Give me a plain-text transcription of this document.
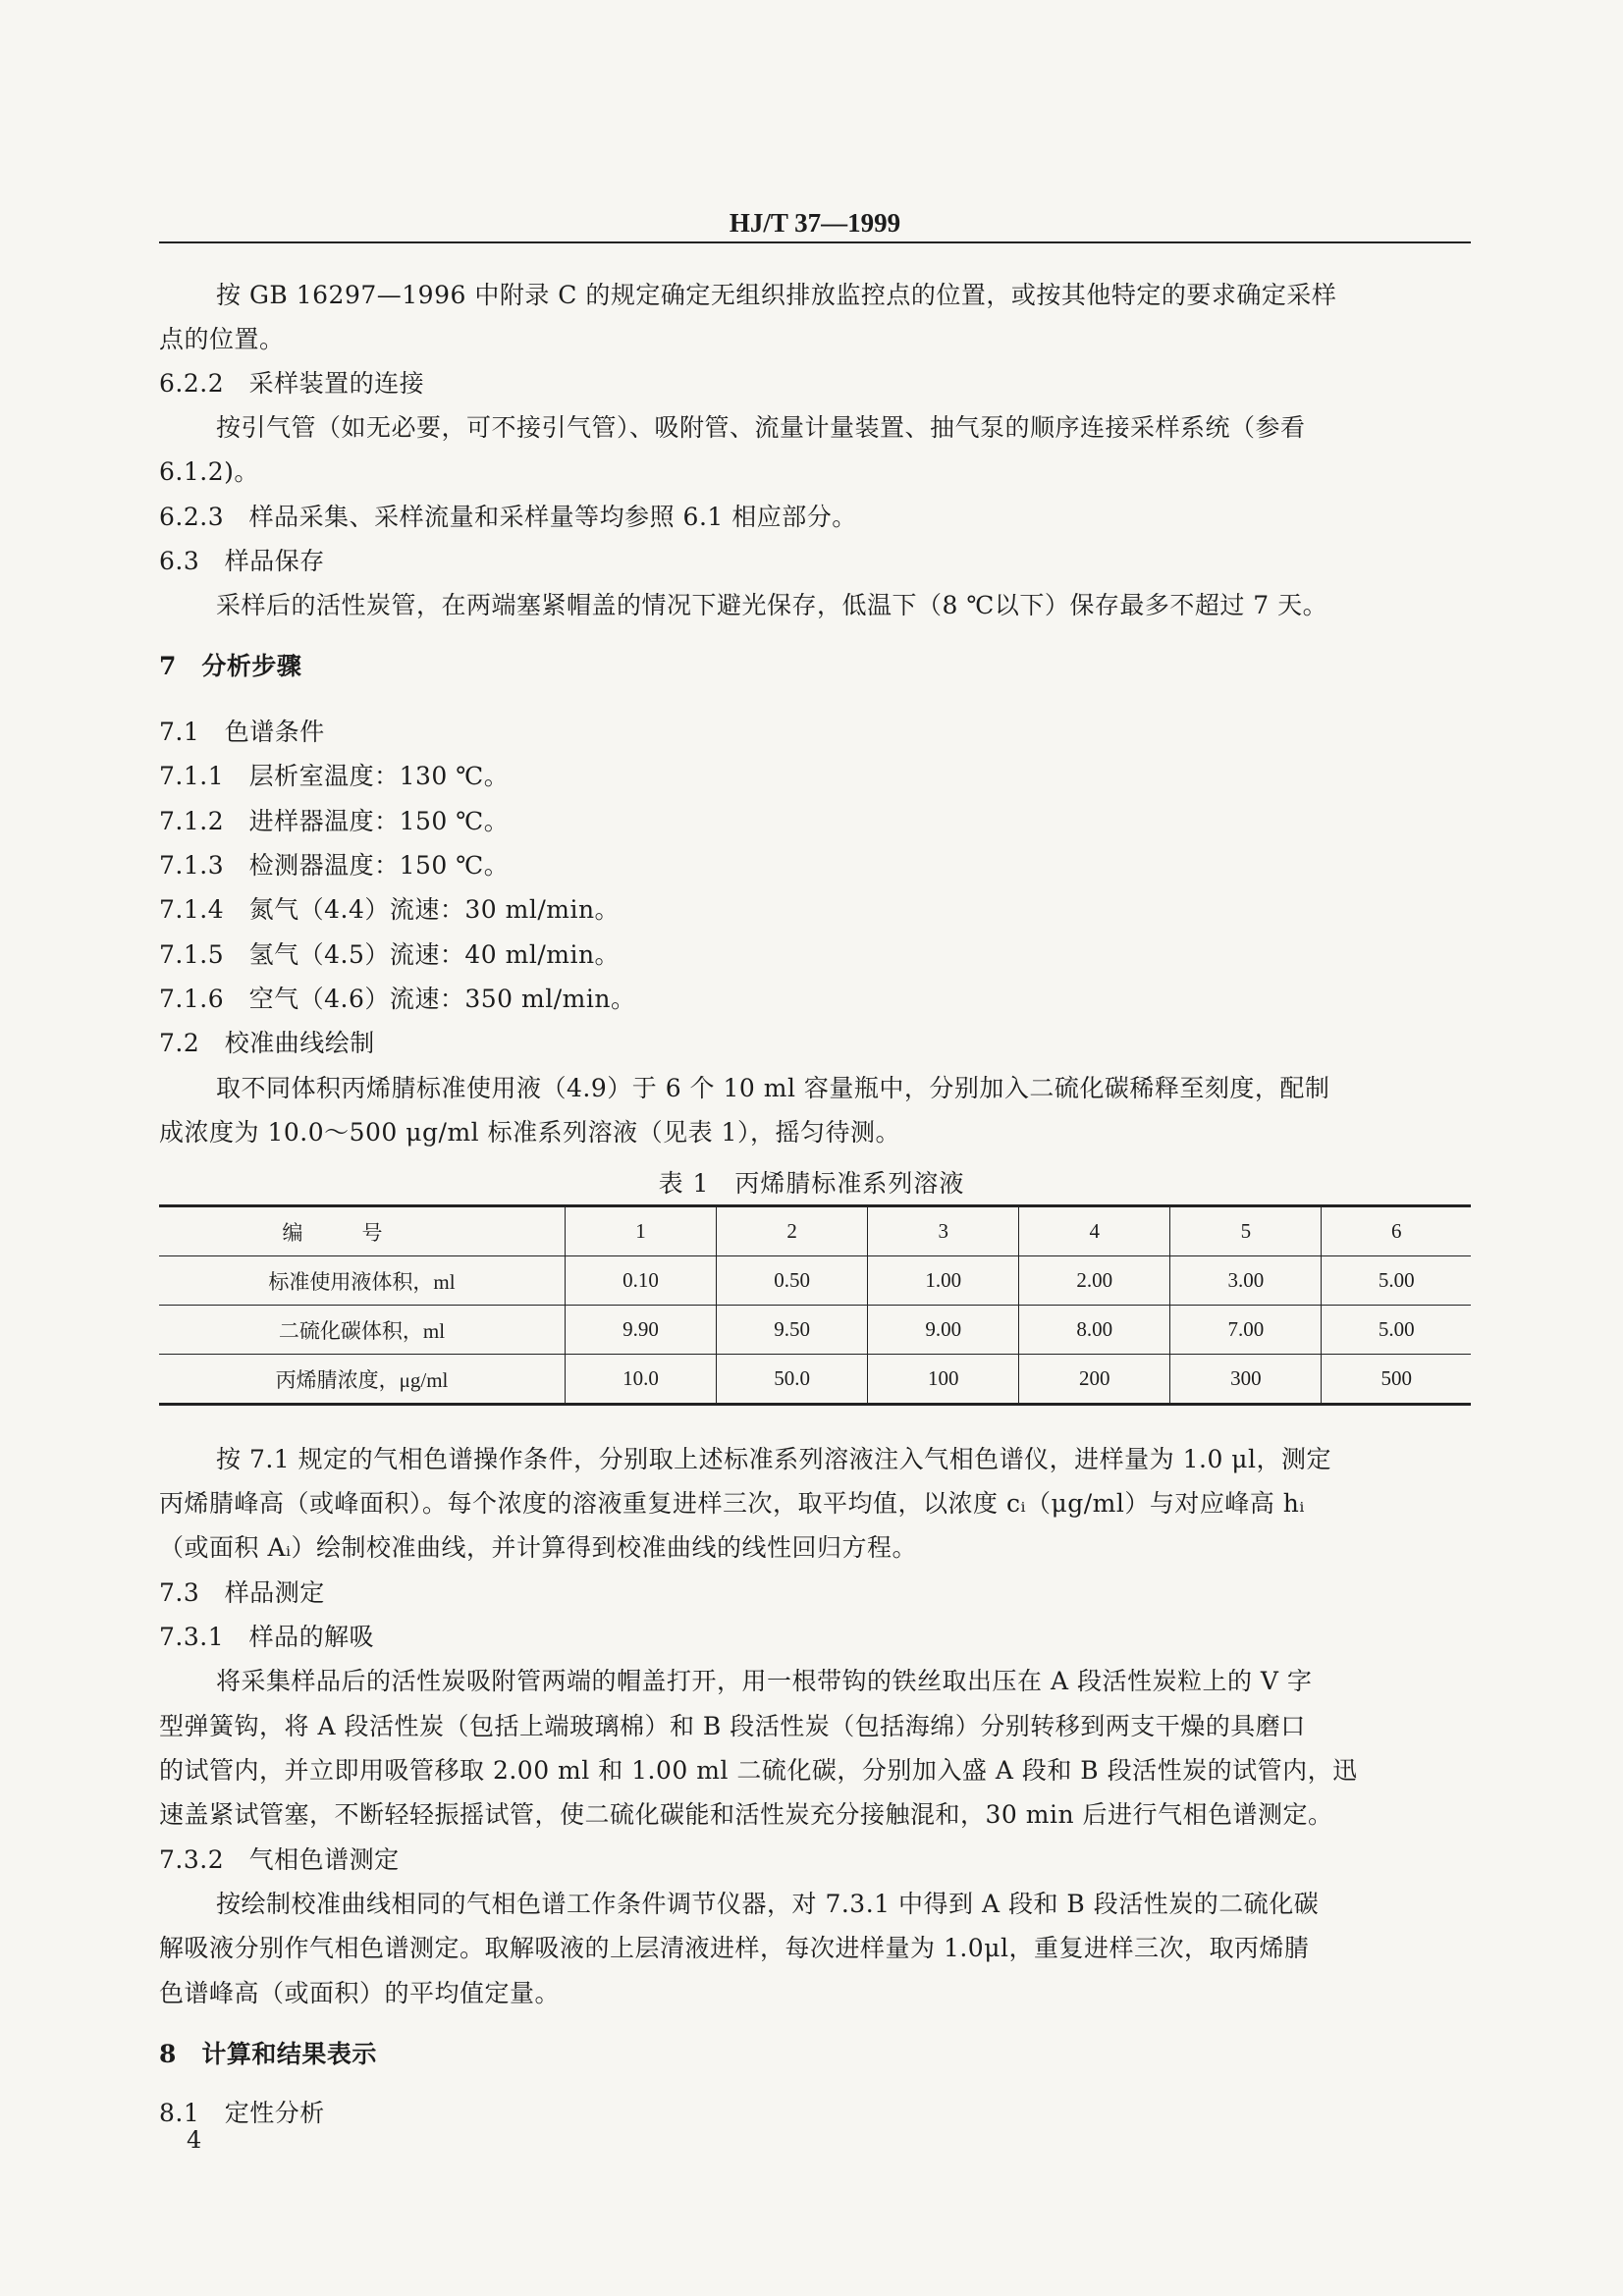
HJ/T 37—1999
按 GB 16297—1996 中附录 C 的规定确定无组织排放监控点的位置，或按其他特定的要求确定采样
点的位置。
6.2.2　采样装置的连接
按引气管（如无必要，可不接引气管）、吸附管、流量计量装置、抽气泵的顺序连接采样系统（参看
6.1.2)。
6.2.3　样品采集、采样流量和采样量等均参照 6.1 相应部分。
6.3　样品保存
采样后的活性炭管，在两端塞紧帽盖的情况下避光保存，低温下（8 ℃以下）保存最多不超过 7 天。
7　分析步骤
7.1　色谱条件
7.1.1　层析室温度：130 ℃。
7.1.2　进样器温度：150 ℃。
7.1.3　检测器温度：150 ℃。
7.1.4　氮气（4.4）流速：30 ml/min。
7.1.5　氢气（4.5）流速：40 ml/min。
7.1.6　空气（4.6）流速：350 ml/min。
7.2　校准曲线绘制
取不同体积丙烯腈标准使用液（4.9）于 6 个 10 ml 容量瓶中，分别加入二硫化碳稀释至刻度，配制
成浓度为 10.0～500 μg/ml 标准系列溶液（见表 1），摇匀待测。
表 1　丙烯腈标准系列溶液
编号	1	2	3	4	5	6
标准使用液体积，ml	0.10	0.50	1.00	2.00	3.00	5.00
二硫化碳体积，ml	9.90	9.50	9.00	8.00	7.00	5.00
丙烯腈浓度，μg/ml	10.0	50.0	100	200	300	500
按 7.1 规定的气相色谱操作条件，分别取上述标准系列溶液注入气相色谱仪，进样量为 1.0 μl，测定
丙烯腈峰高（或峰面积）。每个浓度的溶液重复进样三次，取平均值，以浓度 cᵢ（μg/ml）与对应峰高 hᵢ
（或面积 Aᵢ）绘制校准曲线，并计算得到校准曲线的线性回归方程。
7.3　样品测定
7.3.1　样品的解吸
将采集样品后的活性炭吸附管两端的帽盖打开，用一根带钩的铁丝取出压在 A 段活性炭粒上的 V 字
型弹簧钩，将 A 段活性炭（包括上端玻璃棉）和 B 段活性炭（包括海绵）分别转移到两支干燥的具磨口
的试管内，并立即用吸管移取 2.00 ml 和 1.00 ml 二硫化碳，分别加入盛 A 段和 B 段活性炭的试管内，迅
速盖紧试管塞，不断轻轻振摇试管，使二硫化碳能和活性炭充分接触混和，30 min 后进行气相色谱测定。
7.3.2　气相色谱测定
按绘制校准曲线相同的气相色谱工作条件调节仪器，对 7.3.1 中得到 A 段和 B 段活性炭的二硫化碳
解吸液分别作气相色谱测定。取解吸液的上层清液进样，每次进样量为 1.0μl，重复进样三次，取丙烯腈
色谱峰高（或面积）的平均值定量。
8　计算和结果表示
8.1　定性分析
4
